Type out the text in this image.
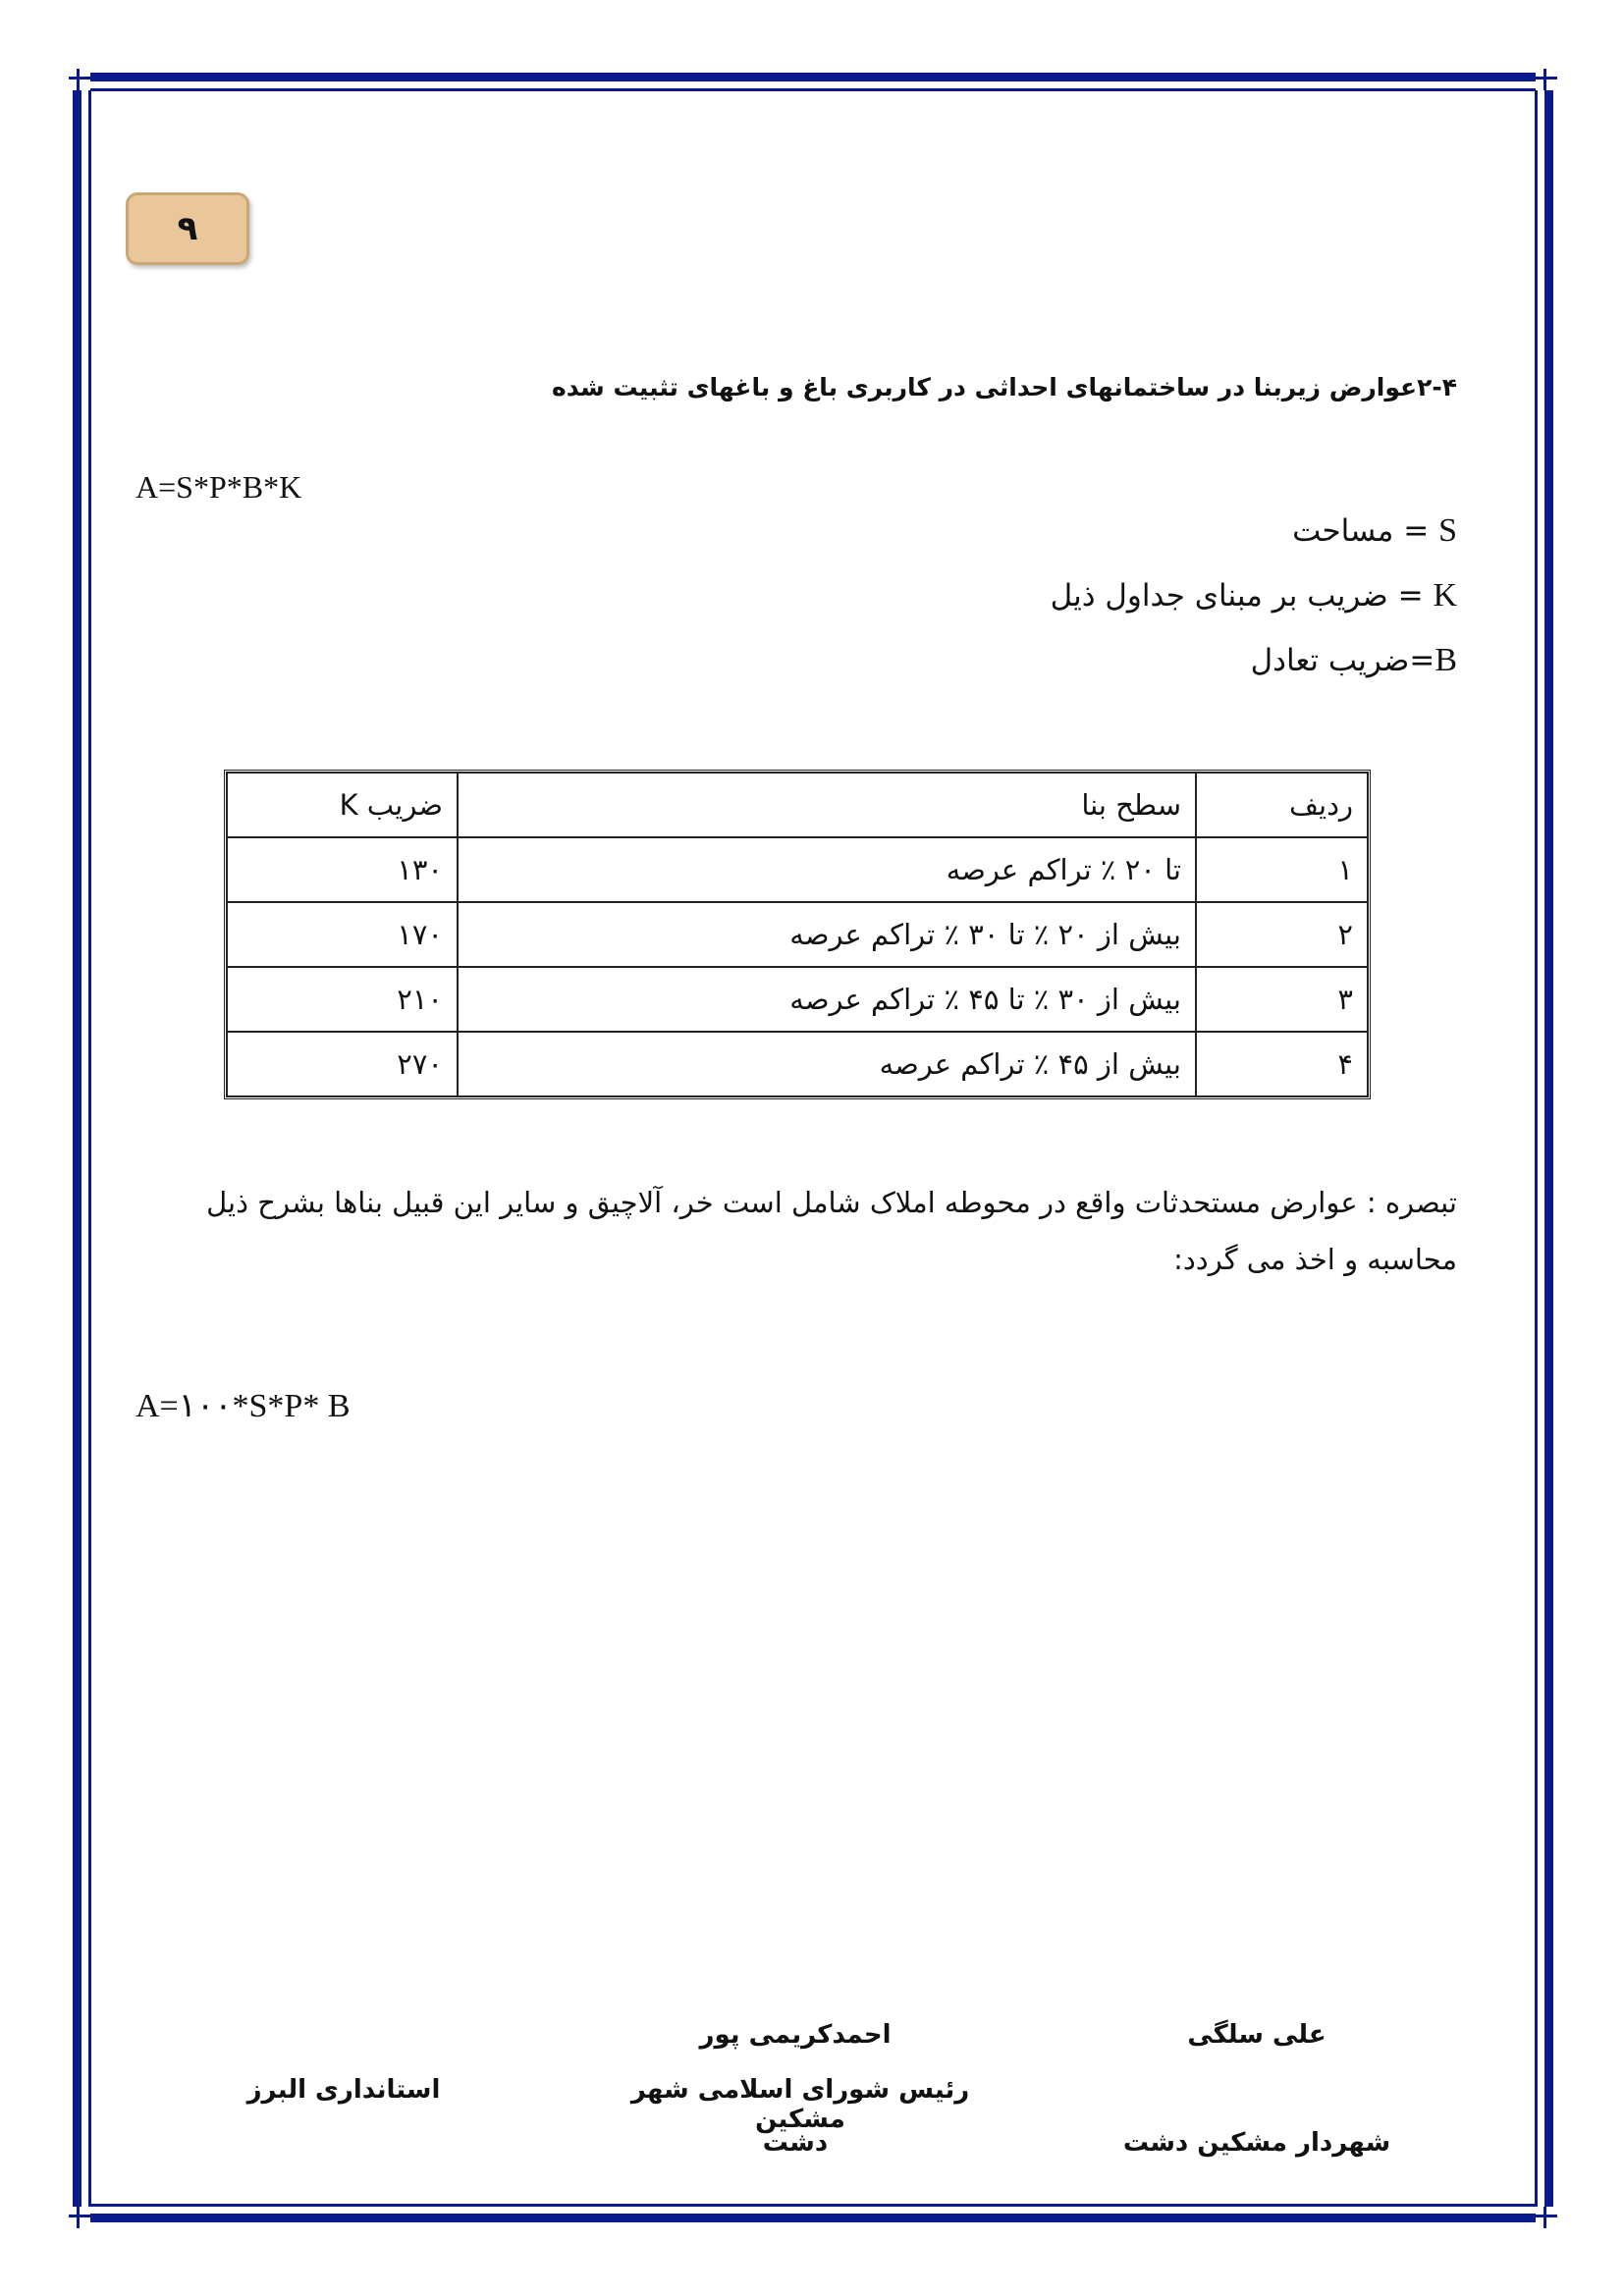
۹
۲-۴عوارض زیربنا در ساختمانهای احداثی در کاربری باغ و باغهای تثبیت شده
A=S*P*B*K
S = مساحت
K = ضریب بر مبنای جداول ذیل
B=ضریب تعادل
ردیف	سطح بنا	ضریب K
۱	تا ۲۰ ٪ تراکم عرصه	۱۳۰
۲	بیش از ۲۰ ٪ تا ۳۰ ٪ تراکم عرصه	۱۷۰
۳	بیش از ۳۰ ٪ تا ۴۵ ٪ تراکم عرصه	۲۱۰
۴	بیش از ۴۵ ٪ تراکم عرصه	۲۷۰
تبصره : عوارض مستحدثات واقع در محوطه املاک شامل است خر، آلاچیق و سایر این قبیل بناها بشرح ذیل محاسبه و اخذ می گردد:
A=۱۰۰*S*P* B
علی سلگی
شهردار مشکین دشت
احمدکریمی پور
رئیس شورای اسلامی شهر مشکین
دشت
استانداری البرز
